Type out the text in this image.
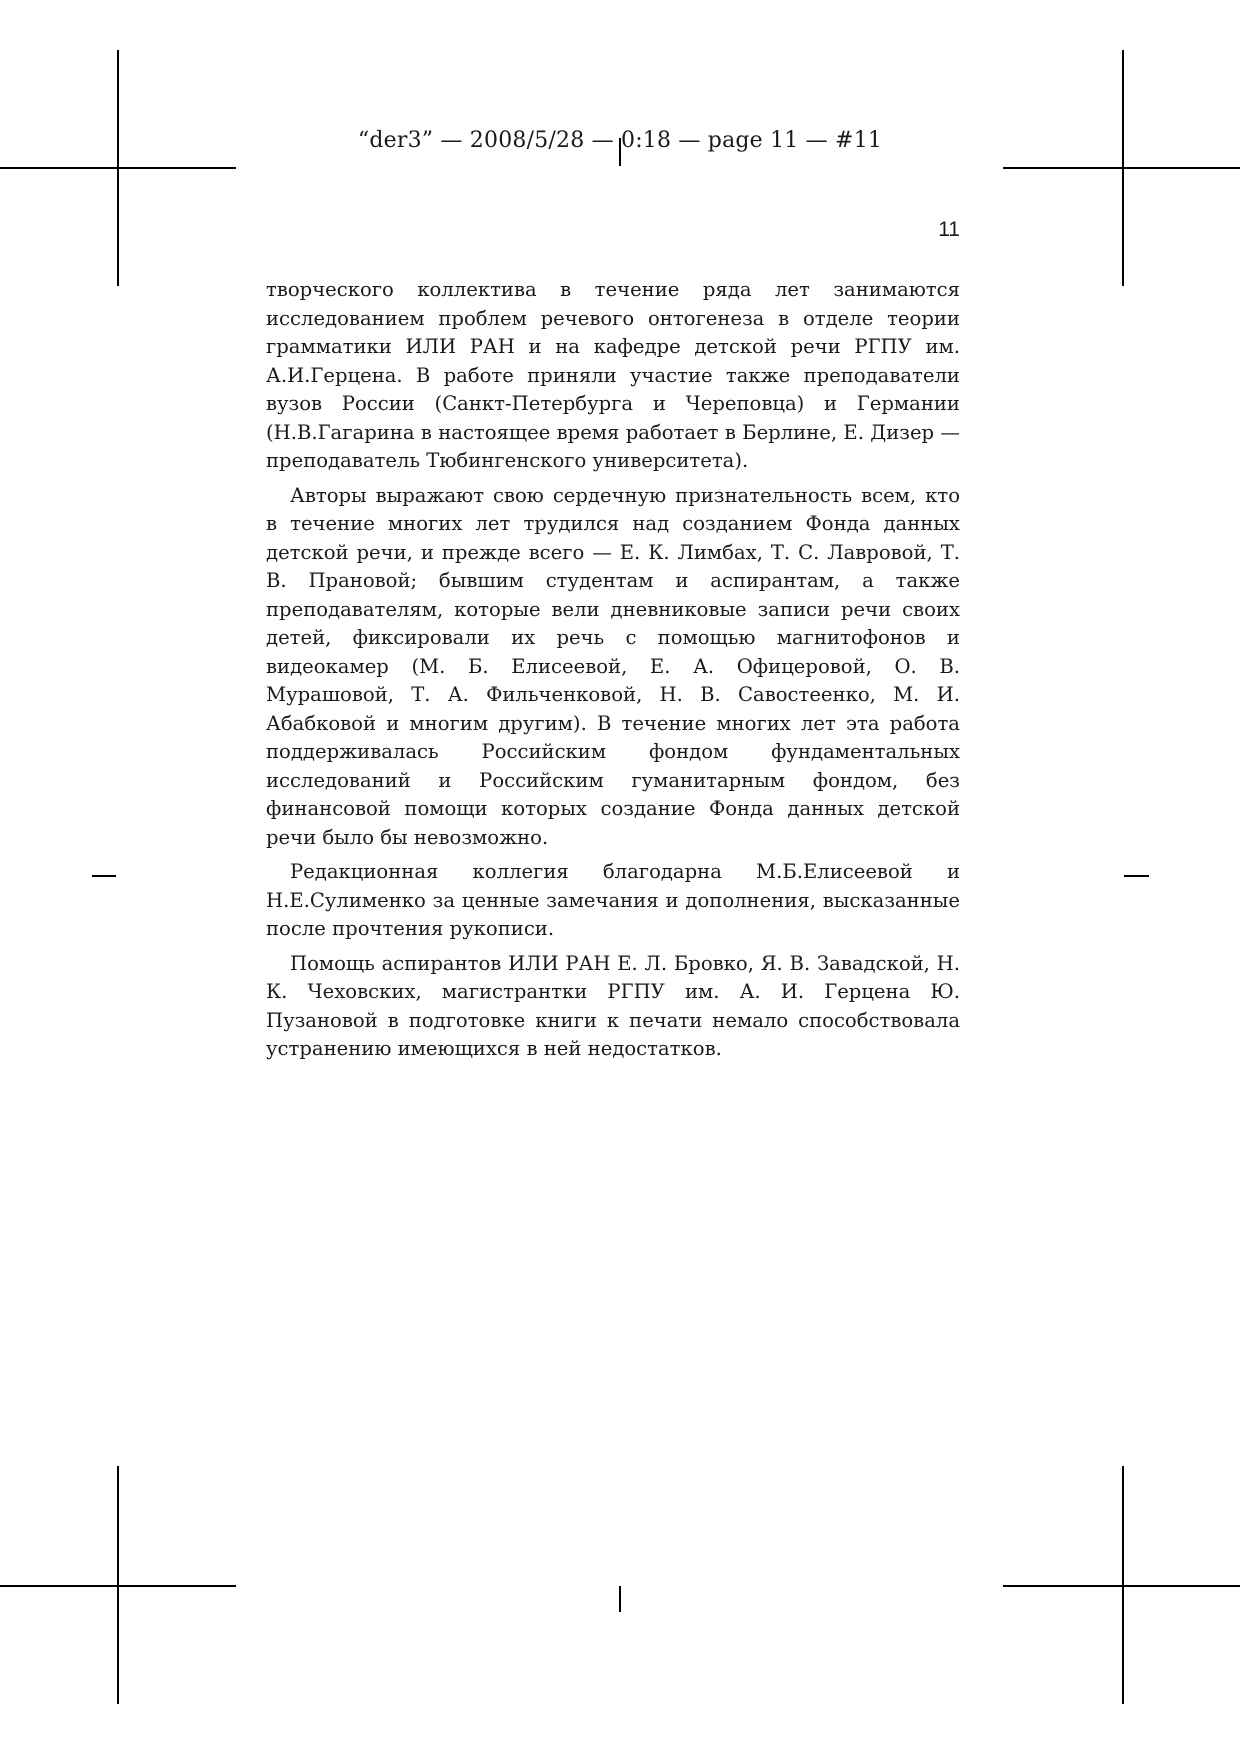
“der3” — 2008/5/28 — 0:18 — page 11 — #11
11

творческого коллектива в течение ряда лет занимаются исследованием проблем речевого онтогенеза в отделе теории грамматики ИЛИ РАН и на кафедре детской речи РГПУ им. А.И.Герцена. В работе приняли участие также преподаватели вузов России (Санкт-Петербурга и Череповца) и Германии (Н.В.Гагарина в настоящее время работает в Берлине, Е. Дизер — преподаватель Тюбингенского университета).

Авторы выражают свою сердечную признательность всем, кто в течение многих лет трудился над созданием Фонда данных детской речи, и прежде всего — Е. К. Лимбах, Т. С. Лавровой, Т. В. Прановой; бывшим студентам и аспирантам, а также преподавателям, которые вели дневниковые записи речи своих детей, фиксировали их речь с помощью магнитофонов и видеокамер (М. Б. Елисеевой, Е. А. Офицеровой, О. В. Мурашовой, Т. А. Фильченковой, Н. В. Савостеенко, М. И. Абабковой и многим другим). В течение многих лет эта работа поддерживалась Российским фондом фундаментальных исследований и Российским гуманитарным фондом, без финансовой помощи которых создание Фонда данных детской речи было бы невозможно.

Редакционная коллегия благодарна М.Б.Елисеевой и Н.Е.Сулименко за ценные замечания и дополнения, высказанные после прочтения рукописи.

Помощь аспирантов ИЛИ РАН Е. Л. Бровко, Я. В. Завадской, Н. К. Чеховских, магистрантки РГПУ им. А. И. Герцена Ю. Пузановой в подготовке книги к печати немало способствовала устранению имеющихся в ней недостатков.
